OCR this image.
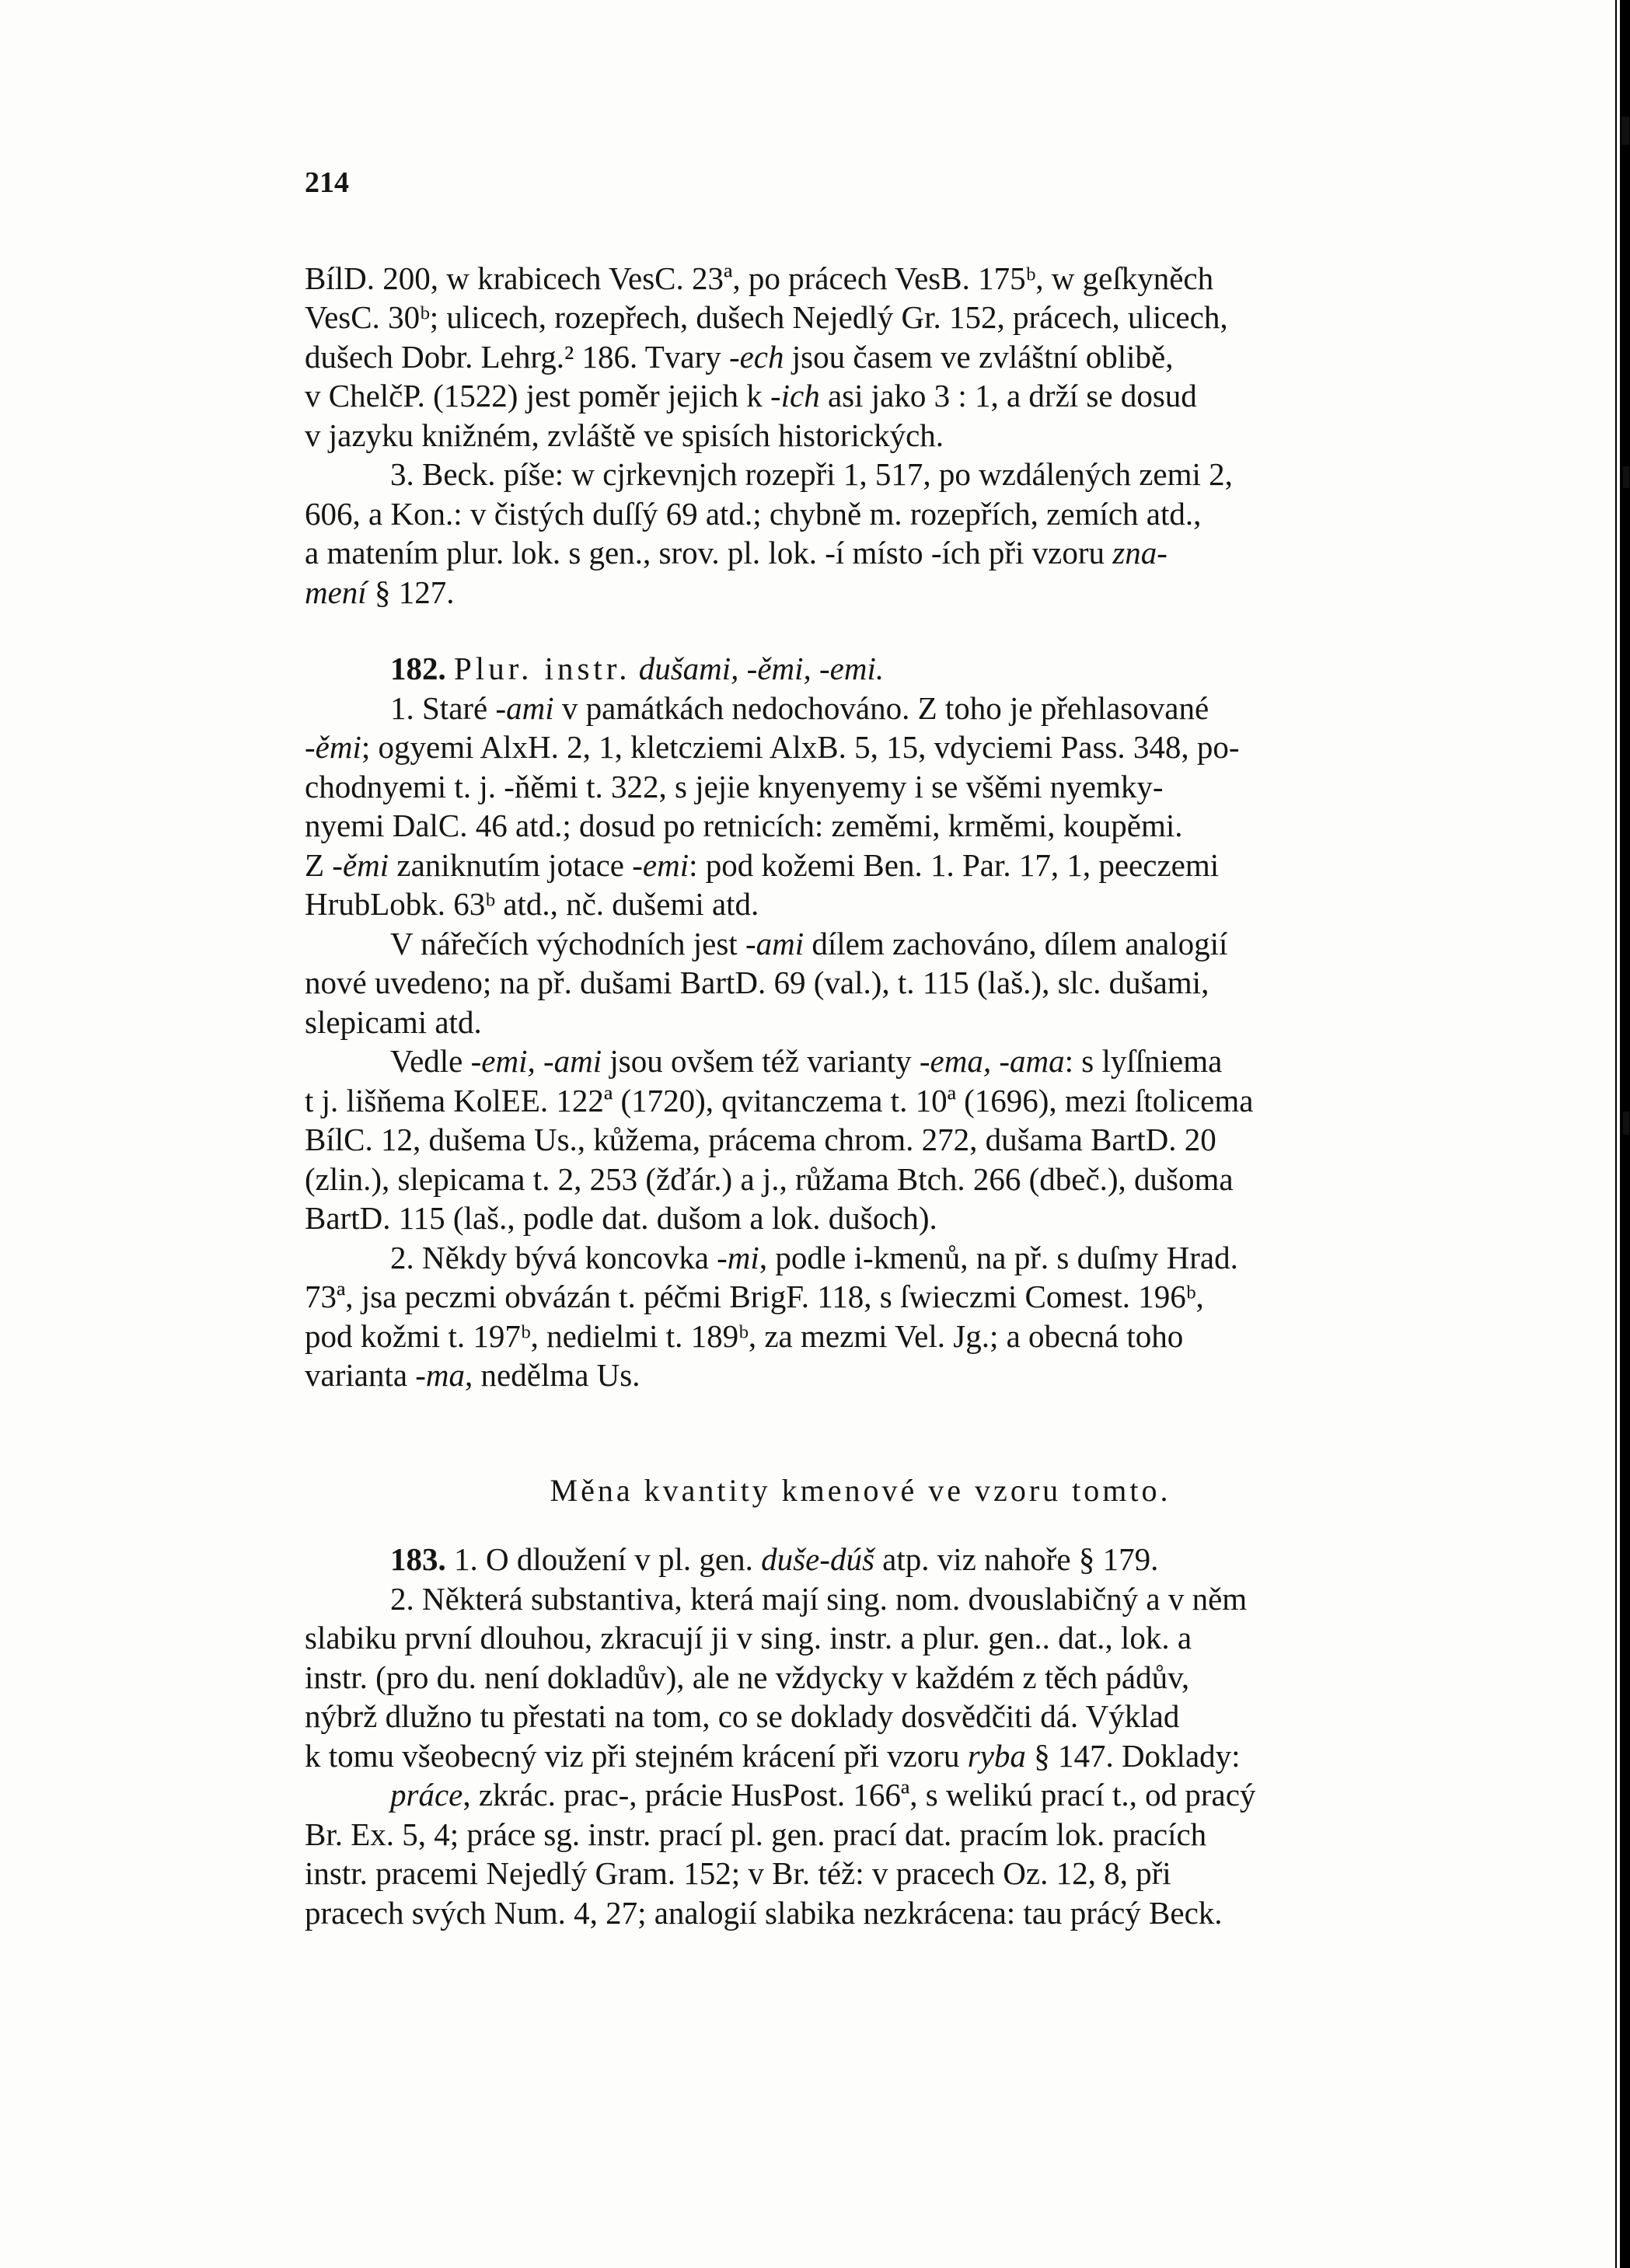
214

BílD. 200, w krabicech VesC. 23ª, po prácech VesB. 175ᵇ, w geſkyněch
VesC. 30ᵇ; ulicech, rozepřech, dušech Nejedlý Gr. 152, prácech, ulicech,
dušech Dobr. Lehrg.² 186. Tvary -ech jsou časem ve zvláštní oblibě,
v ChelčP. (1522) jest poměr jejich k -ich asi jako 3 : 1, a drží se dosud
v jazyku knižném, zvláště ve spisích historických.

3. Beck. píše: w cjrkevnjch rozepři 1, 517, po wzdálených zemi 2,
606, a Kon.: v čistých duſſý 69 atd.; chybně m. rozepřích, zemích atd.,
a matením plur. lok. s gen., srov. pl. lok. -í místo -ích při vzoru zna-
mení § 127.

182. Plur. instr. dušami, -ěmi, -emi.

1. Staré -ami v památkách nedochováno. Z toho je přehlasované
-ěmi; ogyemi AlxH. 2, 1, kletcziemi AlxB. 5, 15, vdyciemi Pass. 348, po-
chodnyemi t. j. -ňěmi t. 322, s jejie knyenyemy i se všěmi nyemky-
nyemi DalC. 46 atd.; dosud po retnicích: zeměmi, krměmi, koupěmi.
Z -ěmi zaniknutím jotace -emi: pod kožemi Ben. 1. Par. 17, 1, peeczemi
HrubLobk. 63ᵇ atd., nč. dušemi atd.

V nářečích východních jest -ami dílem zachováno, dílem analogií
nové uvedeno; na př. dušami BartD. 69 (val.), t. 115 (laš.), slc. dušami,
slepicami atd.

Vedle -emi, -ami jsou ovšem též varianty -ema, -ama: s lyſſniema
t j. lišňema KolEE. 122ª (1720), qvitanczema t. 10ª (1696), mezi ſtolicema
BílC. 12, dušema Us., kůžema, prácema chrom. 272, dušama BartD. 20
(zlin.), slepicama t. 2, 253 (žďár.) a j., růžama Btch. 266 (dbeč.), dušoma
BartD. 115 (laš., podle dat. dušom a lok. dušoch).

2. Někdy bývá koncovka -mi, podle i-kmenů, na př. s duſmy Hrad.
73ª, jsa peczmi obvázán t. péčmi BrigF. 118, s ſwieczmi Comest. 196ᵇ,
pod kožmi t. 197ᵇ, nedielmi t. 189ᵇ, za mezmi Vel. Jg.; a obecná toho
varianta -ma, nedělma Us.

Měna kvantity kmenové ve vzoru tomto.

183. 1. O dloužení v pl. gen. duše-dúš atp. viz nahoře § 179.

2. Některá substantiva, která mají sing. nom. dvouslabičný a v něm
slabiku první dlouhou, zkracují ji v sing. instr. a plur. gen.. dat., lok. a
instr. (pro du. není dokladův), ale ne vždycky v každém z těch pádův,
nýbrž dlužno tu přestati na tom, co se doklady dosvědčiti dá. Výklad
k tomu všeobecný viz při stejném krácení při vzoru ryba § 147. Doklady:

práce, zkrác. prac-, prácie HusPost. 166ª, s welikú prací t., od pracý
Br. Ex. 5, 4; práce sg. instr. prací pl. gen. prací dat. pracím lok. pracích
instr. pracemi Nejedlý Gram. 152; v Br. též: v pracech Oz. 12, 8, při
pracech svých Num. 4, 27; analogií slabika nezkrácena: tau prácý Beck.
